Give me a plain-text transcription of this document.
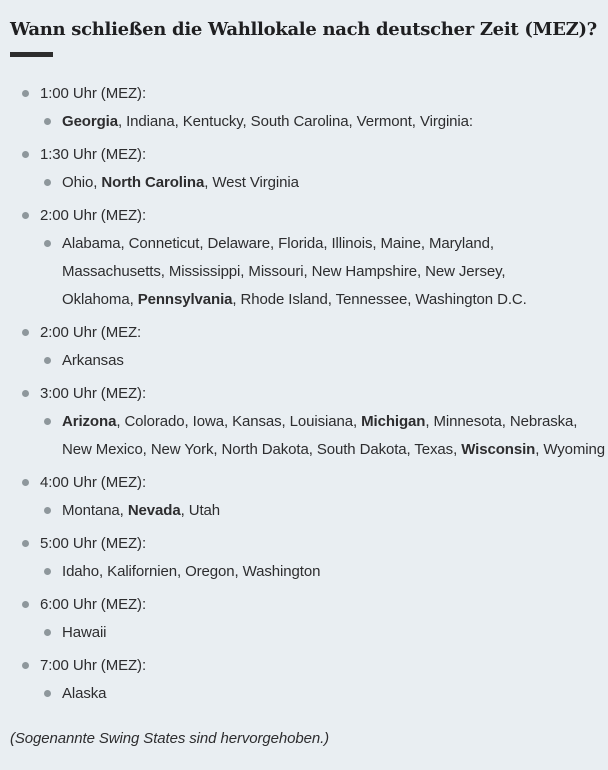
Wann schließen die Wahllokale nach deutscher Zeit (MEZ)?
1:00 Uhr (MEZ):
Georgia, Indiana, Kentucky, South Carolina, Vermont, Virginia:
1:30 Uhr (MEZ):
Ohio, North Carolina, West Virginia
2:00 Uhr (MEZ):
Alabama, Conneticut, Delaware, Florida, Illinois, Maine, Maryland,
Massachusetts, Mississippi, Missouri, New Hampshire, New Jersey,
Oklahoma, Pennsylvania, Rhode Island, Tennessee, Washington D.C.
2:00 Uhr (MEZ:
Arkansas
3:00 Uhr (MEZ):
Arizona, Colorado, Iowa, Kansas, Louisiana, Michigan, Minnesota, Nebraska,
New Mexico, New York, North Dakota, South Dakota, Texas, Wisconsin, Wyoming
4:00 Uhr (MEZ):
Montana, Nevada, Utah
5:00 Uhr (MEZ):
Idaho, Kalifornien, Oregon, Washington
6:00 Uhr (MEZ):
Hawaii
7:00 Uhr (MEZ):
Alaska

(Sogenannte Swing States sind hervorgehoben.)
